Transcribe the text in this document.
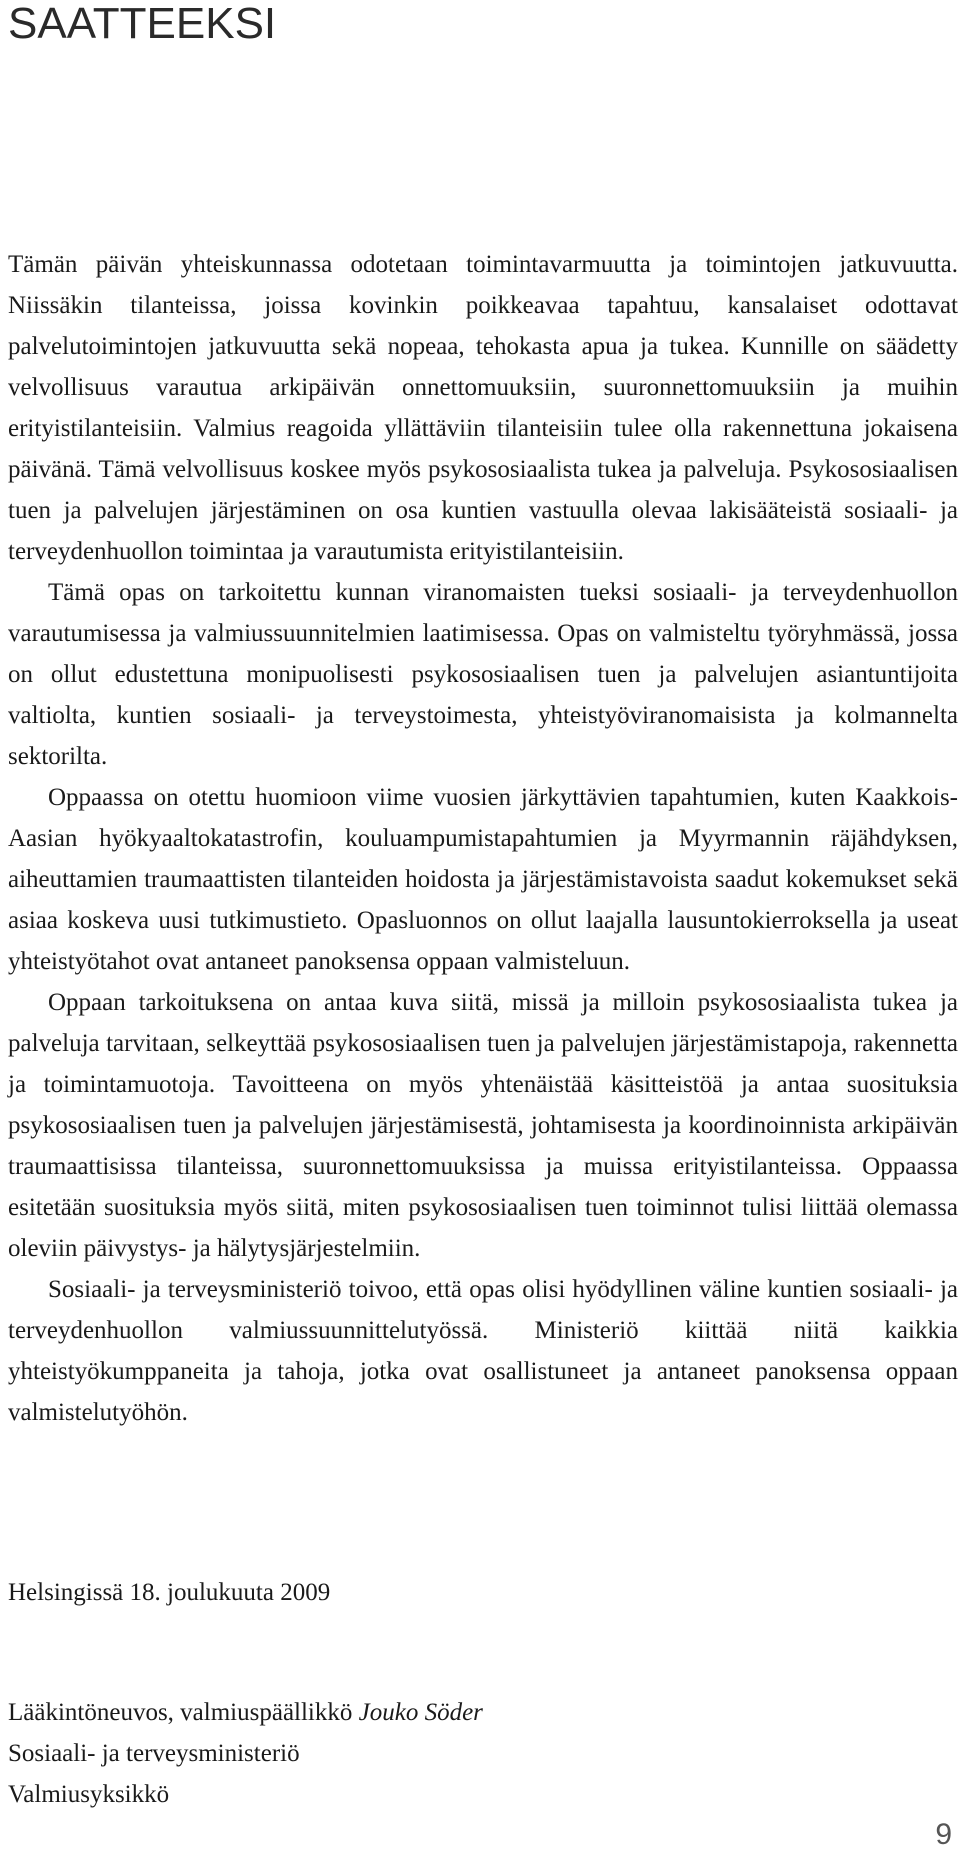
SAATTEEKSI

Tämän päivän yhteiskunnassa odotetaan toimintavarmuutta ja toimintojen jatkuvuutta. Niissäkin tilanteissa, joissa kovinkin poikkeavaa tapahtuu, kansalaiset odottavat palvelutoimintojen jatkuvuutta sekä nopeaa, tehokasta apua ja tukea. Kunnille on säädetty velvollisuus varautua arkipäivän onnettomuuksiin, suuronnettomuuksiin ja muihin erityistilanteisiin. Valmius reagoida yllättäviin tilanteisiin tulee olla rakennettuna jokaisena päivänä. Tämä velvollisuus koskee myös psykososiaalista tukea ja palveluja. Psykososiaalisen tuen ja palvelujen järjestäminen on osa kuntien vastuulla olevaa lakisääteistä sosiaali- ja terveydenhuollon toimintaa ja varautumista erityistilanteisiin.

Tämä opas on tarkoitettu kunnan viranomaisten tueksi sosiaali- ja terveydenhuollon varautumisessa ja valmiussuunnitelmien laatimisessa. Opas on valmisteltu työryhmässä, jossa on ollut edustettuna monipuolisesti psykososiaalisen tuen ja palvelujen asiantuntijoita valtiolta, kuntien sosiaali- ja terveystoimesta, yhteistyöviranomaisista ja kolmannelta sektorilta.

Oppaassa on otettu huomioon viime vuosien järkyttävien tapahtumien, kuten Kaakkois-Aasian hyökyaaltokatastrofin, kouluampumistapahtumien ja Myyrmannin räjähdyksen, aiheuttamien traumaattisten tilanteiden hoidosta ja järjestämistavoista saadut kokemukset sekä asiaa koskeva uusi tutkimustieto. Opasluonnos on ollut laajalla lausuntokierroksella ja useat yhteistyötahot ovat antaneet panoksensa oppaan valmisteluun.

Oppaan tarkoituksena on antaa kuva siitä, missä ja milloin psykososiaalista tukea ja palveluja tarvitaan, selkeyttää psykososiaalisen tuen ja palvelujen järjestämistapoja, rakennetta ja toimintamuotoja. Tavoitteena on myös yhtenäistää käsitteistöä ja antaa suosituksia psykososiaalisen tuen ja palvelujen järjestämisestä, johtamisesta ja koordinoinnista arkipäivän traumaattisissa tilanteissa, suuronnettomuuksissa ja muissa erityistilanteissa. Oppaassa esitetään suosituksia myös siitä, miten psykososiaalisen tuen toiminnot tulisi liittää olemassa oleviin päivystys- ja hälytysjärjestelmiin.

Sosiaali- ja terveysministeriö toivoo, että opas olisi hyödyllinen väline kuntien sosiaali- ja terveydenhuollon valmiussuunnittelutyössä. Ministeriö kiittää niitä kaikkia yhteistyökumppaneita ja tahoja, jotka ovat osallistuneet ja antaneet panoksensa oppaan valmistelutyöhön.

Helsingissä 18. joulukuuta 2009
Lääkintöneuvos, valmiuspäällikkö Jouko Söder
Sosiaali- ja terveysministeriö
Valmiusyksikkö
9
